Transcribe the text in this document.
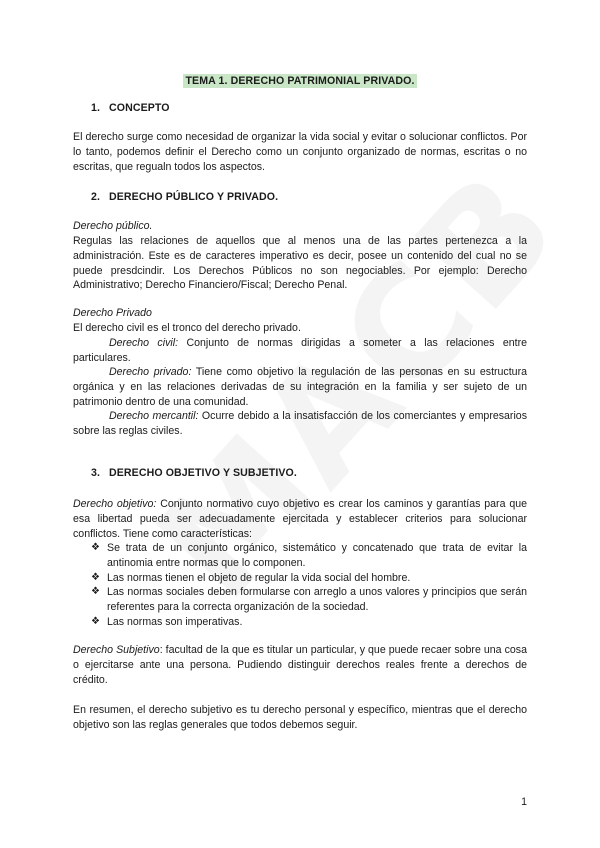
TEMA 1. DERECHO PATRIMONIAL PRIVADO.
1. CONCEPTO
El derecho surge como necesidad de organizar la vida social y evitar o solucionar conflictos. Por lo tanto, podemos definir el Derecho como un conjunto organizado de normas, escritas o no escritas, que regualn todos los aspectos.
2. DERECHO PÚBLICO Y PRIVADO.
Derecho público.
Regulas las relaciones de aquellos que al menos una de las partes pertenezca a la administración. Este es de caracteres imperativo es decir, posee un contenido del cual no se puede presdcindir. Los Derechos Públicos no son negociables. Por ejemplo: Derecho Administrativo; Derecho Financiero/Fiscal; Derecho Penal.
Derecho Privado
El derecho civil es el tronco del derecho privado.
Derecho civil: Conjunto de normas dirigidas a someter a las relaciones entre particulares.
Derecho privado: Tiene como objetivo la regulación de las personas en su estructura orgánica y en las relaciones derivadas de su integración en la familia y ser sujeto de un patrimonio dentro de una comunidad.
Derecho mercantil: Ocurre debido a la insatisfacción de los comerciantes y empresarios sobre las reglas civiles.
3. DERECHO OBJETIVO Y SUBJETIVO.
Derecho objetivo: Conjunto normativo cuyo objetivo es crear los caminos y garantías para que esa libertad pueda ser adecuadamente ejercitada y establecer criterios para solucionar conflictos. Tiene como características:
❖ Se trata de un conjunto orgánico, sistemático y concatenado que trata de evitar la antinomia entre normas que lo componen.
❖ Las normas tienen el objeto de regular la vida social del hombre.
❖ Las normas sociales deben formularse con arreglo a unos valores y principios que serán referentes para la correcta organización de la sociedad.
❖ Las normas son imperativas.
Derecho Subjetivo: facultad de la que es titular un particular, y que puede recaer sobre una cosa o ejercitarse ante una persona. Pudiendo distinguir derechos reales frente a derechos de crédito.
En resumen, el derecho subjetivo es tu derecho personal y específico, mientras que el derecho objetivo son las reglas generales que todos debemos seguir.
1
